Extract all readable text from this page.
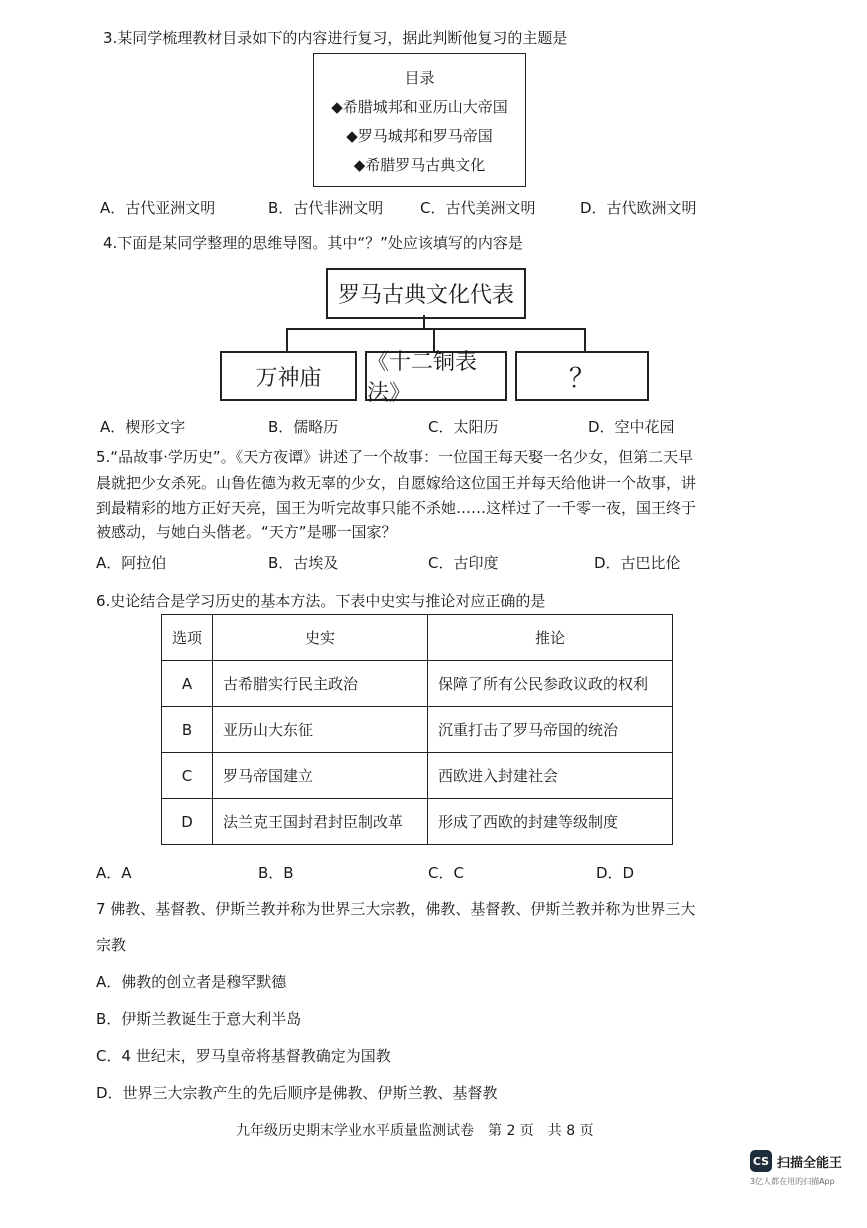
3.某同学梳理教材目录如下的内容进行复习，据此判断他复习的主题是
目录
◆希腊城邦和亚历山大帝国
◆罗马城邦和罗马帝国
◆希腊罗马古典文化
A．古代亚洲文明	B．古代非洲文明 C．古代美洲文明	D．古代欧洲文明
4.下面是某同学整理的思维导图。其中“？”处应该填写的内容是
罗马古典文化代表
万神庙
《十二铜表法》	？
A．楔形文字	B．儒略历	C．太阳历	D．空中花园
5.“品故事·学历史”。《天方夜谭》讲述了一个故事：一位国王每天娶一名少女，但第二天早
晨就把少女杀死。山鲁佐德为救无辜的少女，自愿嫁给这位国王并每天给他讲一个故事，讲
到最精彩的地方正好天亮，国王为听完故事只能不杀她……这样过了一千零一夜，国王终于
被感动，与她白头偕老。“天方”是哪一国家？
A．阿拉伯	B．古埃及	C．古印度	D．古巴比伦
6.史论结合是学习历史的基本方法。下表中史实与推论对应正确的是
选项	史实	推论
A	古希腊实行民主政治	保障了所有公民参政议政的权利
B	亚历山大东征	沉重打击了罗马帝国的统治
C	罗马帝国建立	西欧进入封建社会
D	法兰克王国封君封臣制改革	形成了西欧的封建等级制度
A．A	B．B	C．C	D．D
7 佛教、基督教、伊斯兰教并称为世界三大宗教，佛教、基督教、伊斯兰教并称为世界三大
宗教
A．佛教的创立者是穆罕默德
B．伊斯兰教诞生于意大利半岛
C．4 世纪末，罗马皇帝将基督教确定为国教
D．世界三大宗教产生的先后顺序是佛教、伊斯兰教、基督教
九年级历史期末学业水平质量监测试卷　第 2 页　共 8 页
CS 扫描全能王
3亿人都在用的扫描App
